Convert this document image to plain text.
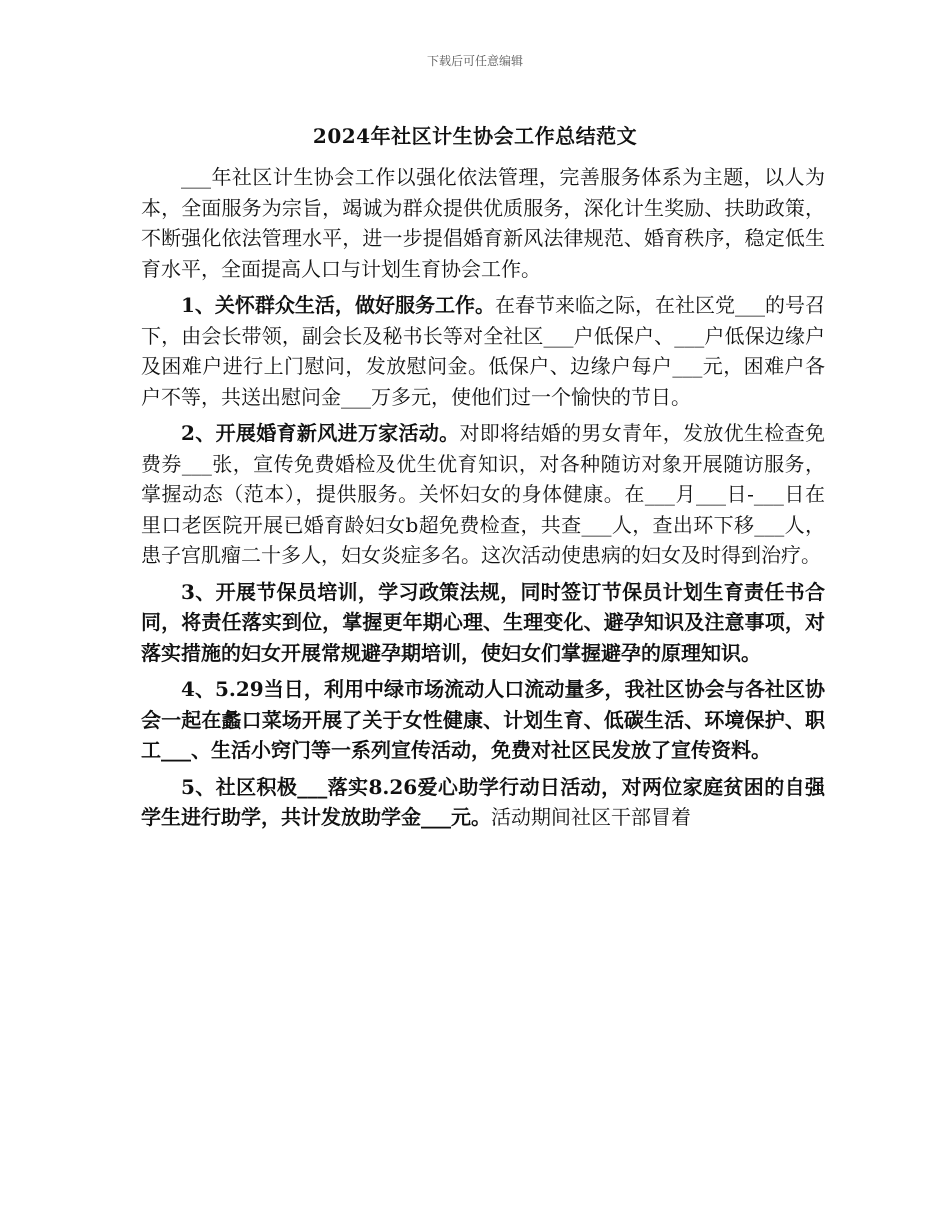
下载后可任意编辑
2024年社区计生协会工作总结范文

___年社区计生协会工作以强化依法管理，完善服务体系为主题，以人为本，全面服务为宗旨，竭诚为群众提供优质服务，深化计生奖励、扶助政策，不断强化依法管理水平，进一步提倡婚育新风法律规范、婚育秩序，稳定低生育水平，全面提高人口与计划生育协会工作。

1、关怀群众生活，做好服务工作。在春节来临之际，在社区党___的号召下，由会长带领，副会长及秘书长等对全社区___户低保户、___户低保边缘户及困难户进行上门慰问，发放慰问金。低保户、边缘户每户___元，困难户各户不等，共送出慰问金___万多元，使他们过一个愉快的节日。

2、开展婚育新风进万家活动。对即将结婚的男女青年，发放优生检查免费券___张，宣传免费婚检及优生优育知识，对各种随访对象开展随访服务，掌握动态（范本），提供服务。关怀妇女的身体健康。在___月___日-___日在里口老医院开展已婚育龄妇女b超免费检查，共查___人，查出环下移___人，患子宫肌瘤二十多人，妇女炎症多名。这次活动使患病的妇女及时得到治疗。

3、开展节保员培训，学习政策法规，同时签订节保员计划生育责任书合同，将责任落实到位，掌握更年期心理、生理变化、避孕知识及注意事项，对落实措施的妇女开展常规避孕期培训，使妇女们掌握避孕的原理知识。

4、5.29当日，利用中绿市场流动人口流动量多，我社区协会与各社区协会一起在蠡口菜场开展了关于女性健康、计划生育、低碳生活、环境保护、职工___、生活小窍门等一系列宣传活动，免费对社区民发放了宣传资料。

5、社区积极___落实8.26爱心助学行动日活动，对两位家庭贫困的自强学生进行助学，共计发放助学金___元。活动期间社区干部冒着
